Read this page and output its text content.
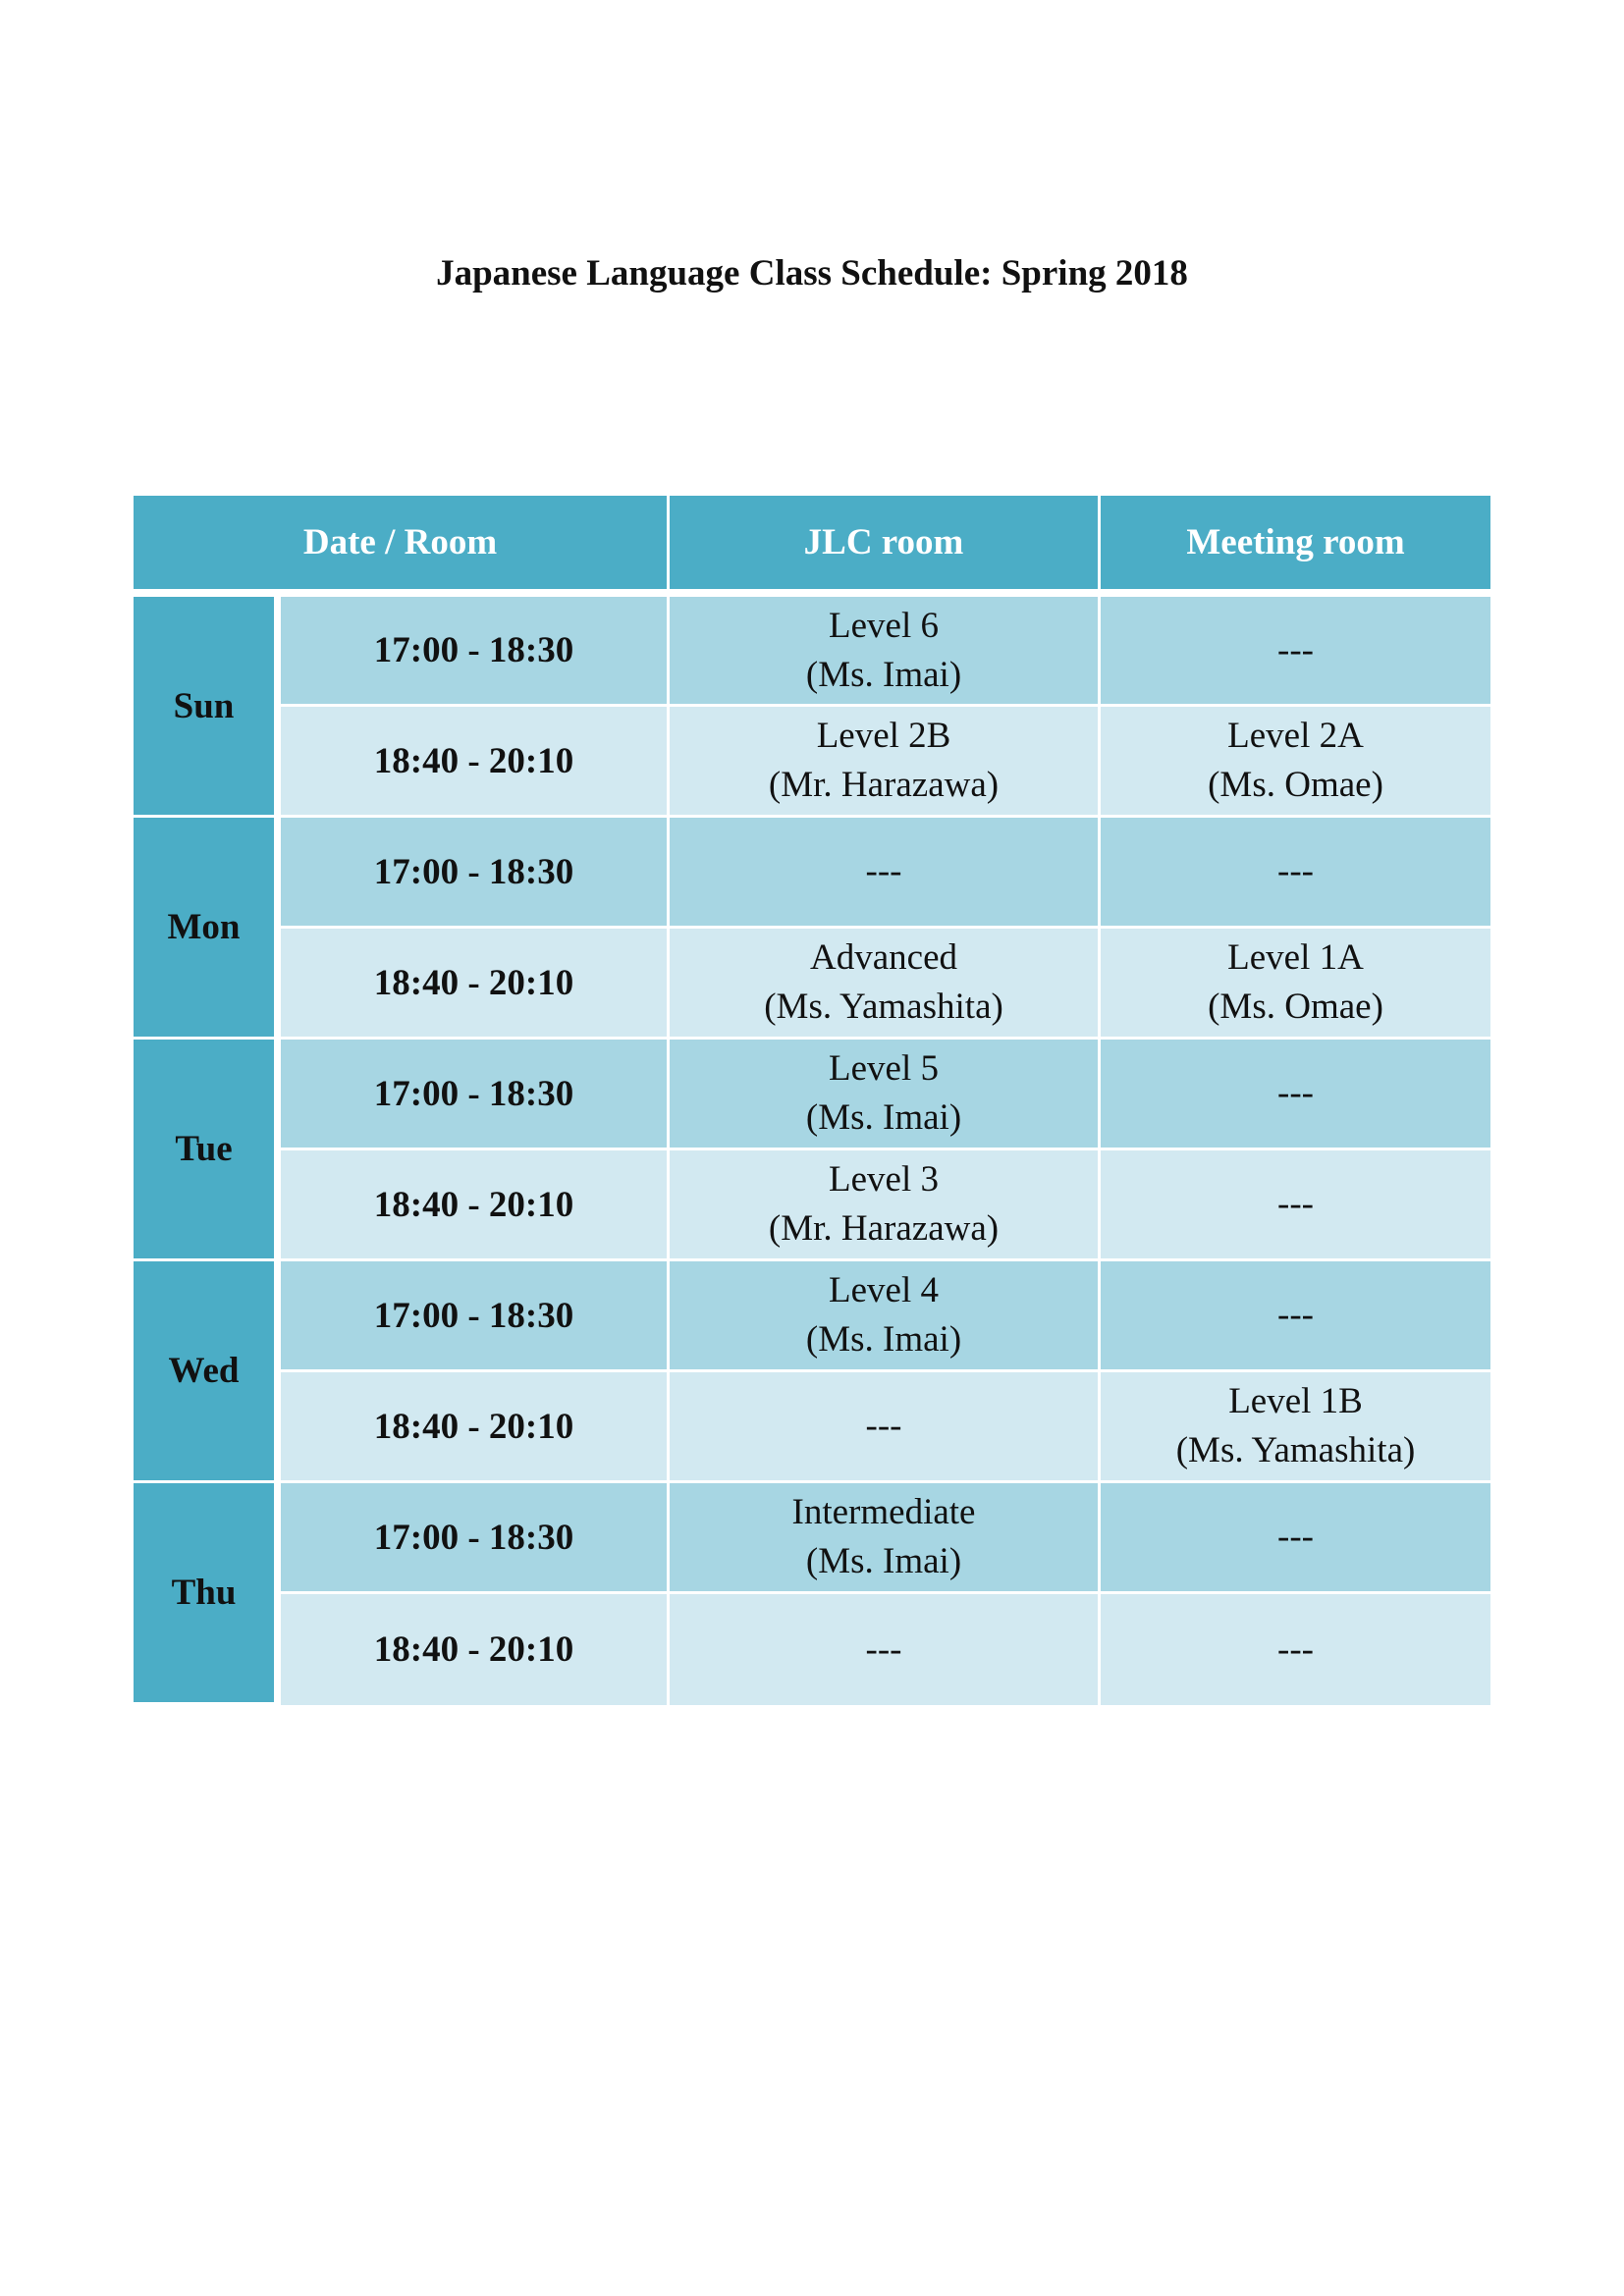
Japanese Language Class Schedule: Spring 2018
Date / Room		JLC room	Meeting room
Sun	17:00 - 18:30	Level 6
(Ms. Imai)	---

	18:40 - 20:10	Level 2B
(Mr. Harazawa)	Level 2A
(Ms. Omae)

Mon	17:00 - 18:30	---	---

	18:40 - 20:10	Advanced
(Ms. Yamashita)	Level 1A
(Ms. Omae)

Tue	17:00 - 18:30	Level 5
(Ms. Imai)	---

	18:40 - 20:10	Level 3
(Mr. Harazawa)	---

Wed	17:00 - 18:30	Level 4
(Ms. Imai)	---

	18:40 - 20:10	---	Level 1B
(Ms. Yamashita)

Thu	17:00 - 18:30	Intermediate
(Ms. Imai)	---

	18:40 - 20:10	---	---
